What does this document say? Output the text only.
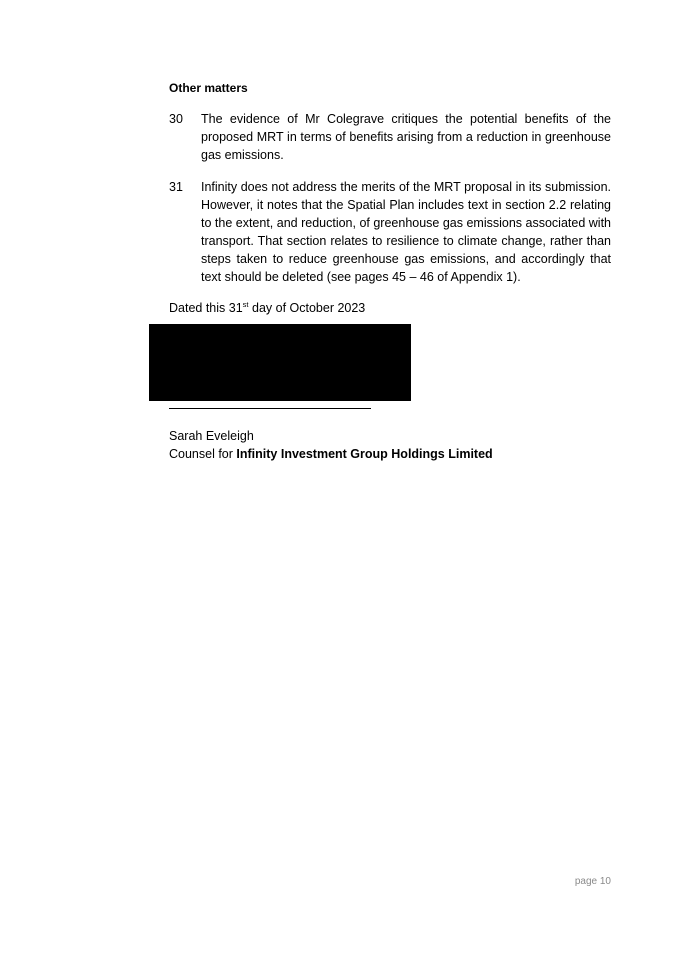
Other matters
30	The evidence of Mr Colegrave critiques the potential benefits of the proposed MRT in terms of benefits arising from a reduction in greenhouse gas emissions.
31	Infinity does not address the merits of the MRT proposal in its submission. However, it notes that the Spatial Plan includes text in section 2.2 relating to the extent, and reduction, of greenhouse gas emissions associated with transport. That section relates to resilience to climate change, rather than steps taken to reduce greenhouse gas emissions, and accordingly that text should be deleted (see pages 45 – 46 of Appendix 1).
Dated this 31st day of October 2023
Sarah Eveleigh
Counsel for Infinity Investment Group Holdings Limited
page 10
